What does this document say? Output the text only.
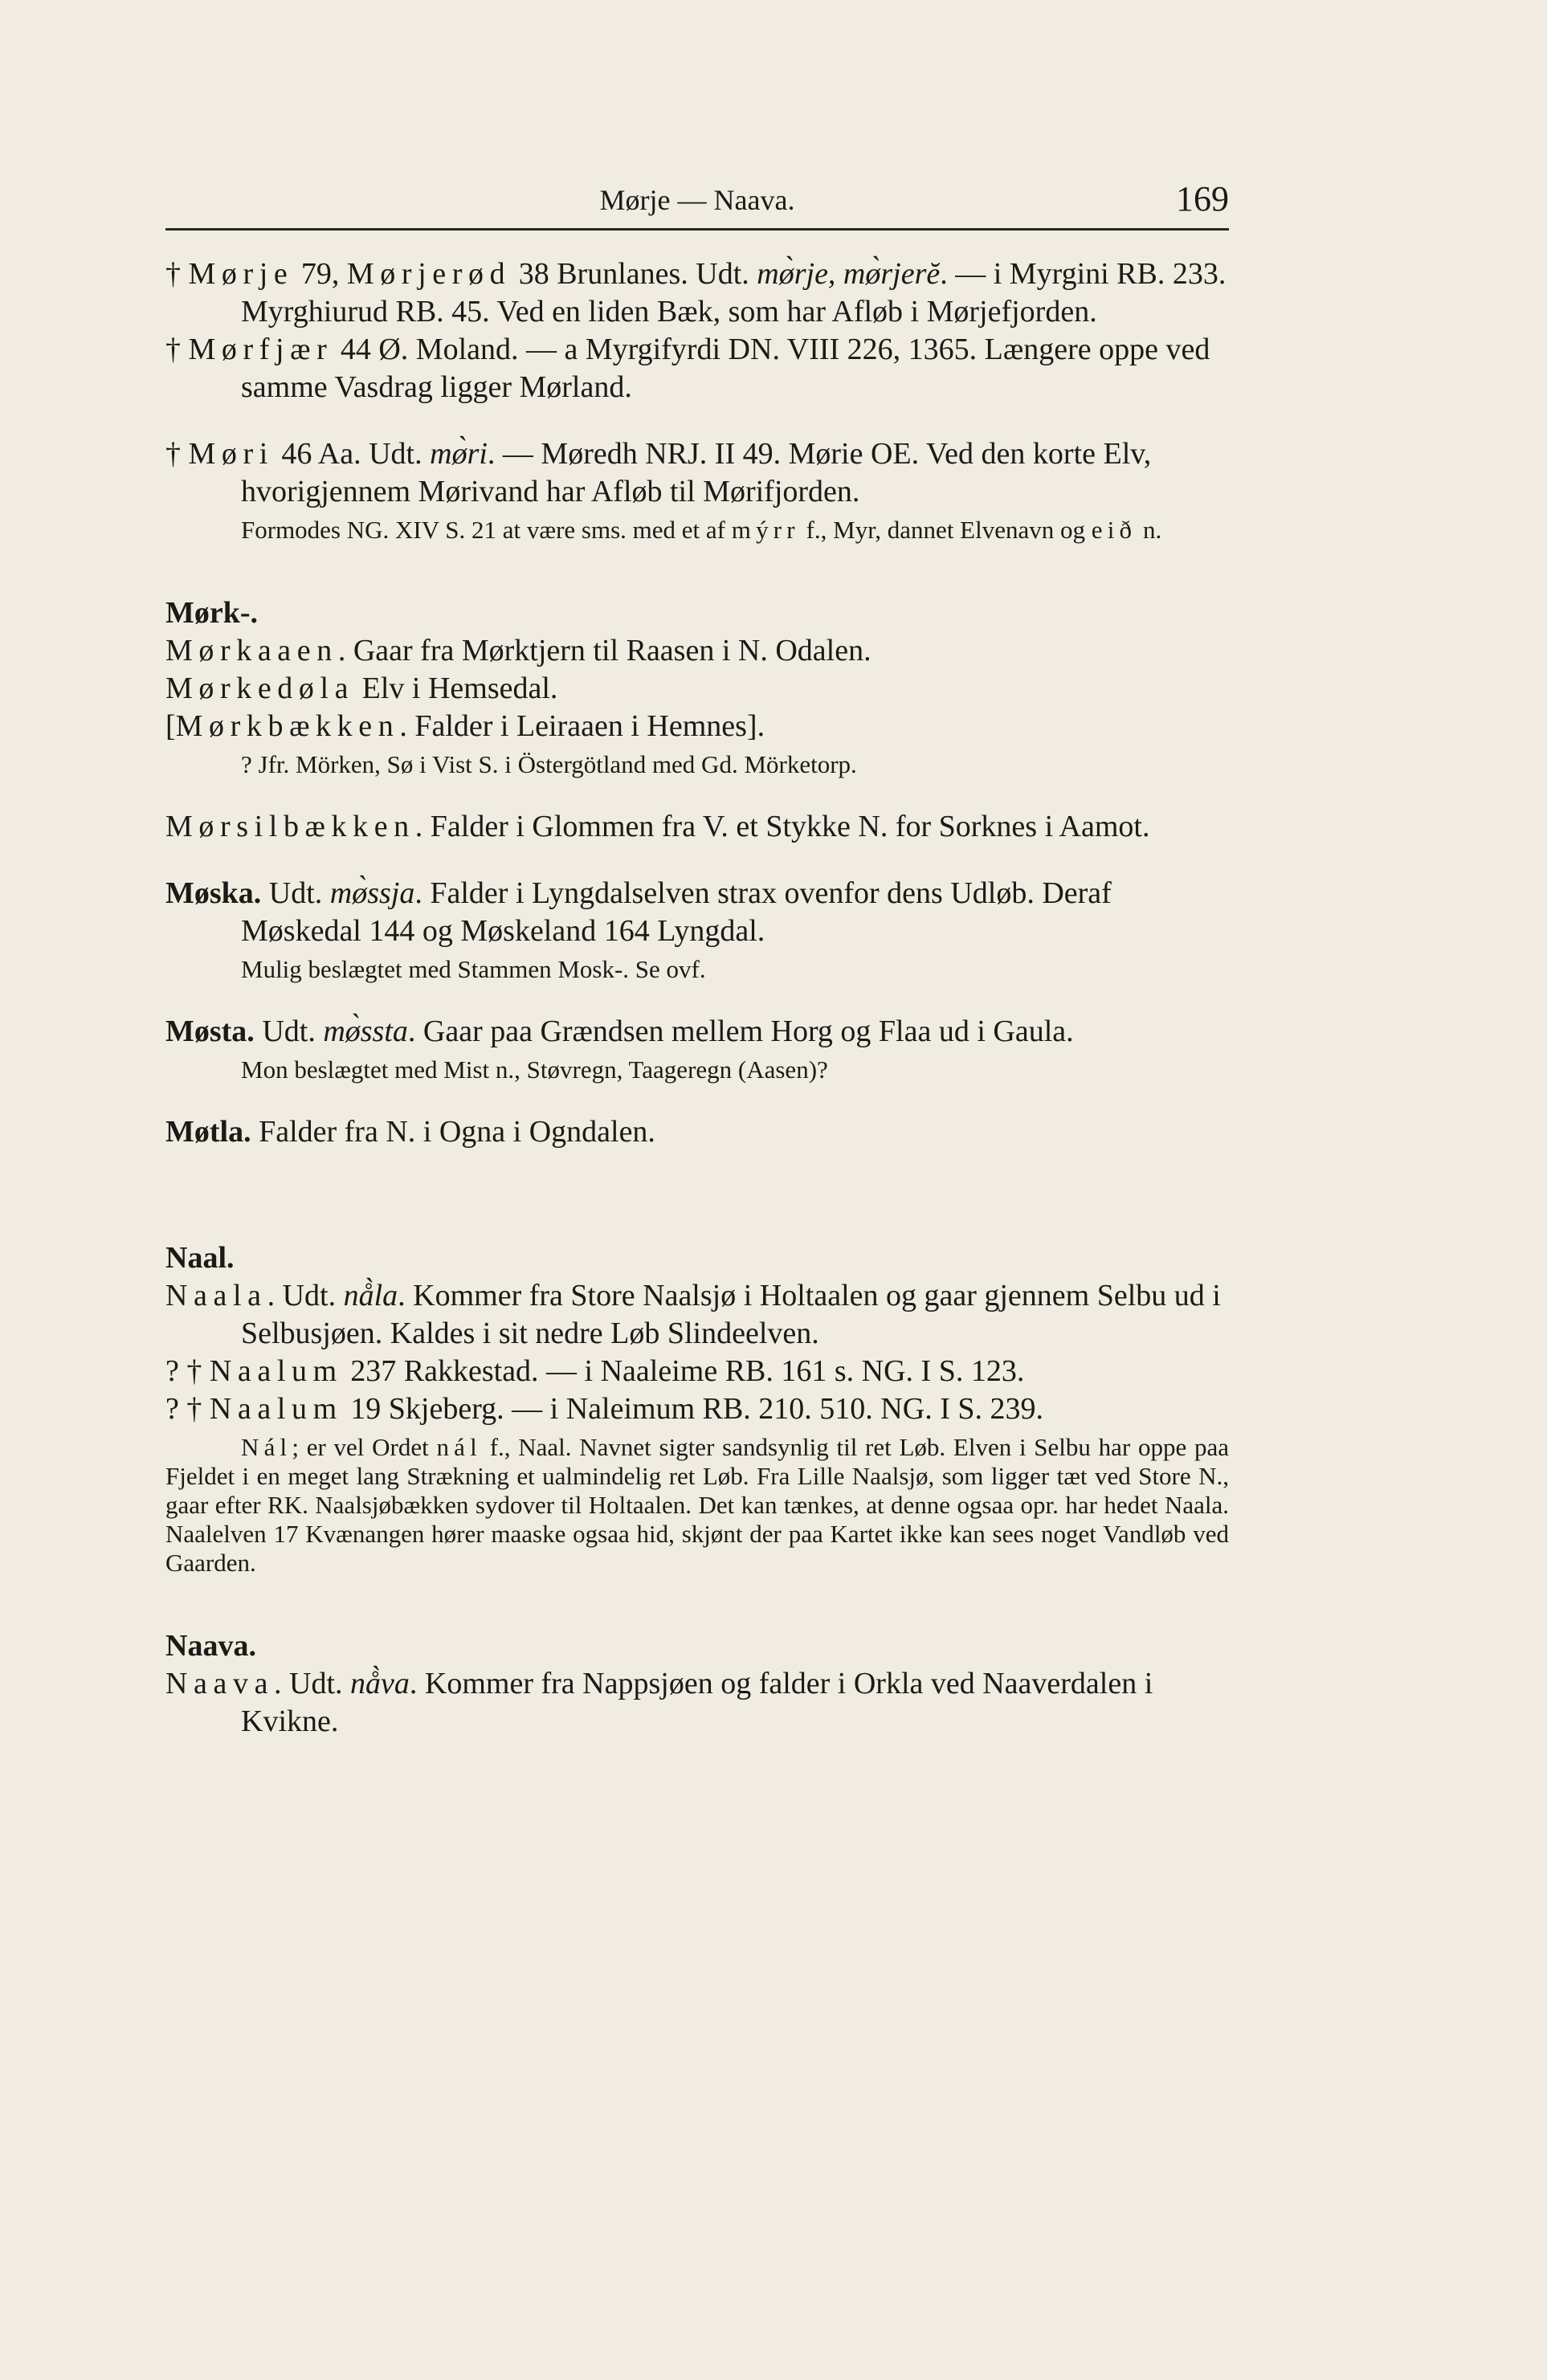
Mørje — Naava.	169

† Mørje 79, Mørjerød 38 Brunlanes. Udt. mø̀rje, mø̀rjerĕ. — i Myrgini RB. 233. Myrghiurud RB. 45. Ved en liden Bæk, som har Afløb i Mørjefjorden.

† Mørfjær 44 Ø. Moland. — a Myrgifyrdi DN. VIII 226, 1365. Længere oppe ved samme Vasdrag ligger Mørland.

† Møri 46 Aa. Udt. mø̀ri. — Møredh NRJ. II 49. Mørie OE. Ved den korte Elv, hvorigjennem Mørivand har Afløb til Mørifjorden.

Formodes NG. XIV S. 21 at være sms. med et af mýrr f., Myr, dannet Elvenavn og eið n.

Mørk-.

Mørkaaen. Gaar fra Mørktjern til Raasen i N. Odalen.

Mørkedøla Elv i Hemsedal.

[Mørkbækken. Falder i Leiraaen i Hemnes].

? Jfr. Mörken, Sø i Vist S. i Östergötland med Gd. Mörketorp.

Mørsilbækken. Falder i Glommen fra V. et Stykke N. for Sorknes i Aamot.

Møska. Udt. mø̀ssja. Falder i Lyngdalselven strax ovenfor dens Udløb. Deraf Møskedal 144 og Møskeland 164 Lyngdal.

Mulig beslægtet med Stammen Mosk-. Se ovf.

Møsta. Udt. mø̀ssta. Gaar paa Grændsen mellem Horg og Flaa ud i Gaula.

Mon beslægtet med Mist n., Støvregn, Taageregn (Aasen)?

Møtla. Falder fra N. i Ogna i Ogndalen.

Naal.

Naala. Udt. nå̀la. Kommer fra Store Naalsjø i Holtaalen og gaar gjennem Selbu ud i Selbusjøen. Kaldes i sit nedre Løb Slindeelven.

? † Naalum 237 Rakkestad. — i Naaleime RB. 161 s. NG. I S. 123.

? † Naalum 19 Skjeberg. — i Naleimum RB. 210. 510. NG. I S. 239.

Nál; er vel Ordet nál f., Naal. Navnet sigter sandsynlig til ret Løb. Elven i Selbu har oppe paa Fjeldet i en meget lang Strækning et ualmindelig ret Løb. Fra Lille Naalsjø, som ligger tæt ved Store N., gaar efter RK. Naalsjøbækken sydover til Holtaalen. Det kan tænkes, at denne ogsaa opr. har hedet Naala. Naalelven 17 Kvænangen hører maaske ogsaa hid, skjønt der paa Kartet ikke kan sees noget Vandløb ved Gaarden.

Naava.

Naava. Udt. nå̀va. Kommer fra Nappsjøen og falder i Orkla ved Naaverdalen i Kvikne.
